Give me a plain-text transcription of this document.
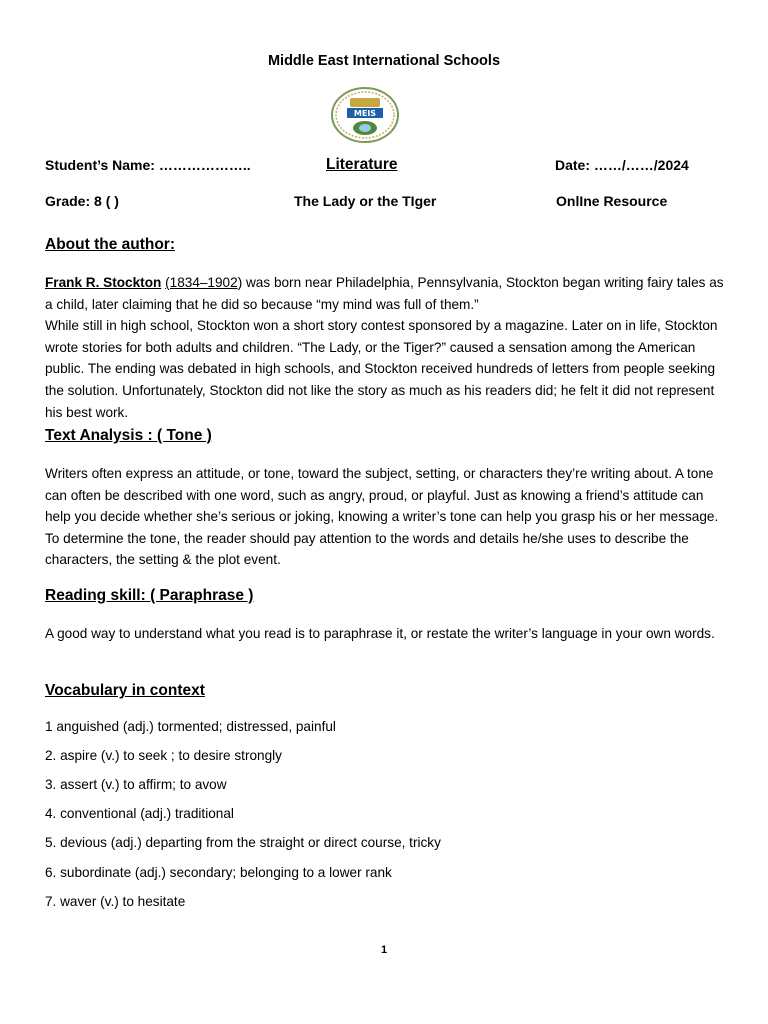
Middle East International Schools
MEIS
Student’s Name: ………………..	Literature	Date: ……/……/2024
Grade: 8 ( )	The Lady or the TIger	OnlIne Resource
About the author:

Frank R. Stockton (1834–1902) was born near Philadelphia, Pennsylvania, Stockton began writing fairy tales as a child, later claiming that he did so because “my mind was full of them.”

While still in high school, Stockton won a short story contest sponsored by a magazine. Later on in life, Stockton wrote stories for both adults and children. “The Lady, or the Tiger?” caused a sensation among the American public. The ending was debated in high schools, and Stockton received hundreds of letters from people seeking the solution. Unfortunately, Stockton did not like the story as much as his readers did; he felt it did not represent his best work.

Text Analysis : ( Tone )
Writers often express an attitude, or tone, toward the subject, setting, or characters they’re writing about. A tone can often be described with one word, such as angry, proud, or playful. Just as knowing a friend’s attitude can help you decide whether she’s serious or joking, knowing a writer’s tone can help you grasp his or her message. To determine the tone, the reader should pay attention to the words and details he/she uses to describe the characters, the setting & the plot event.
Reading skill: ( Paraphrase )
A good way to understand what you read is to paraphrase it, or restate the writer’s language in your own words.
Vocabulary in context
1 anguished (adj.) tormented; distressed, painful
2. aspire (v.) to seek ; to desire strongly
3. assert (v.) to affirm; to avow
4. conventional (adj.) traditional
5. devious (adj.) departing from the straight or direct course, tricky
6. subordinate (adj.) secondary; belonging to a lower rank
7. waver (v.) to hesitate
1
